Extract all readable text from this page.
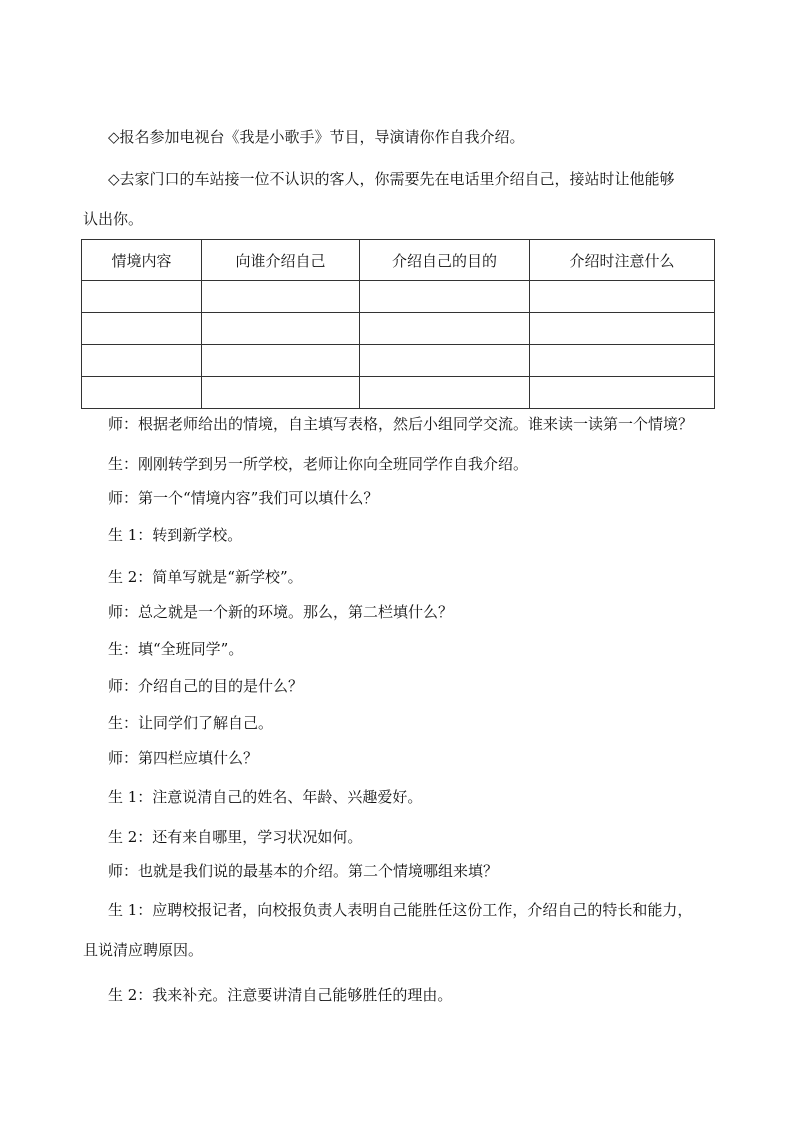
◇报名参加电视台《我是小歌手》节目，导演请你作自我介绍。
◇去家门口的车站接一位不认识的客人，你需要先在电话里介绍自己，接站时让他能够
认出你。
情境内容	向谁介绍自己	介绍自己的目的	介绍时注意什么

师：根据老师给出的情境，自主填写表格，然后小组同学交流。谁来读一读第一个情境？
生：刚刚转学到另一所学校，老师让你向全班同学作自我介绍。
师：第一个“情境内容”我们可以填什么？
生 1：转到新学校。
生 2：简单写就是“新学校”。
师：总之就是一个新的环境。那么，第二栏填什么？
生：填“全班同学”。
师：介绍自己的目的是什么？
生：让同学们了解自己。
师：第四栏应填什么？
生 1：注意说清自己的姓名、年龄、兴趣爱好。
生 2：还有来自哪里，学习状况如何。
师：也就是我们说的最基本的介绍。第二个情境哪组来填？
生 1：应聘校报记者，向校报负责人表明自己能胜任这份工作，介绍自己的特长和能力，
且说清应聘原因。
生 2：我来补充。注意要讲清自己能够胜任的理由。
